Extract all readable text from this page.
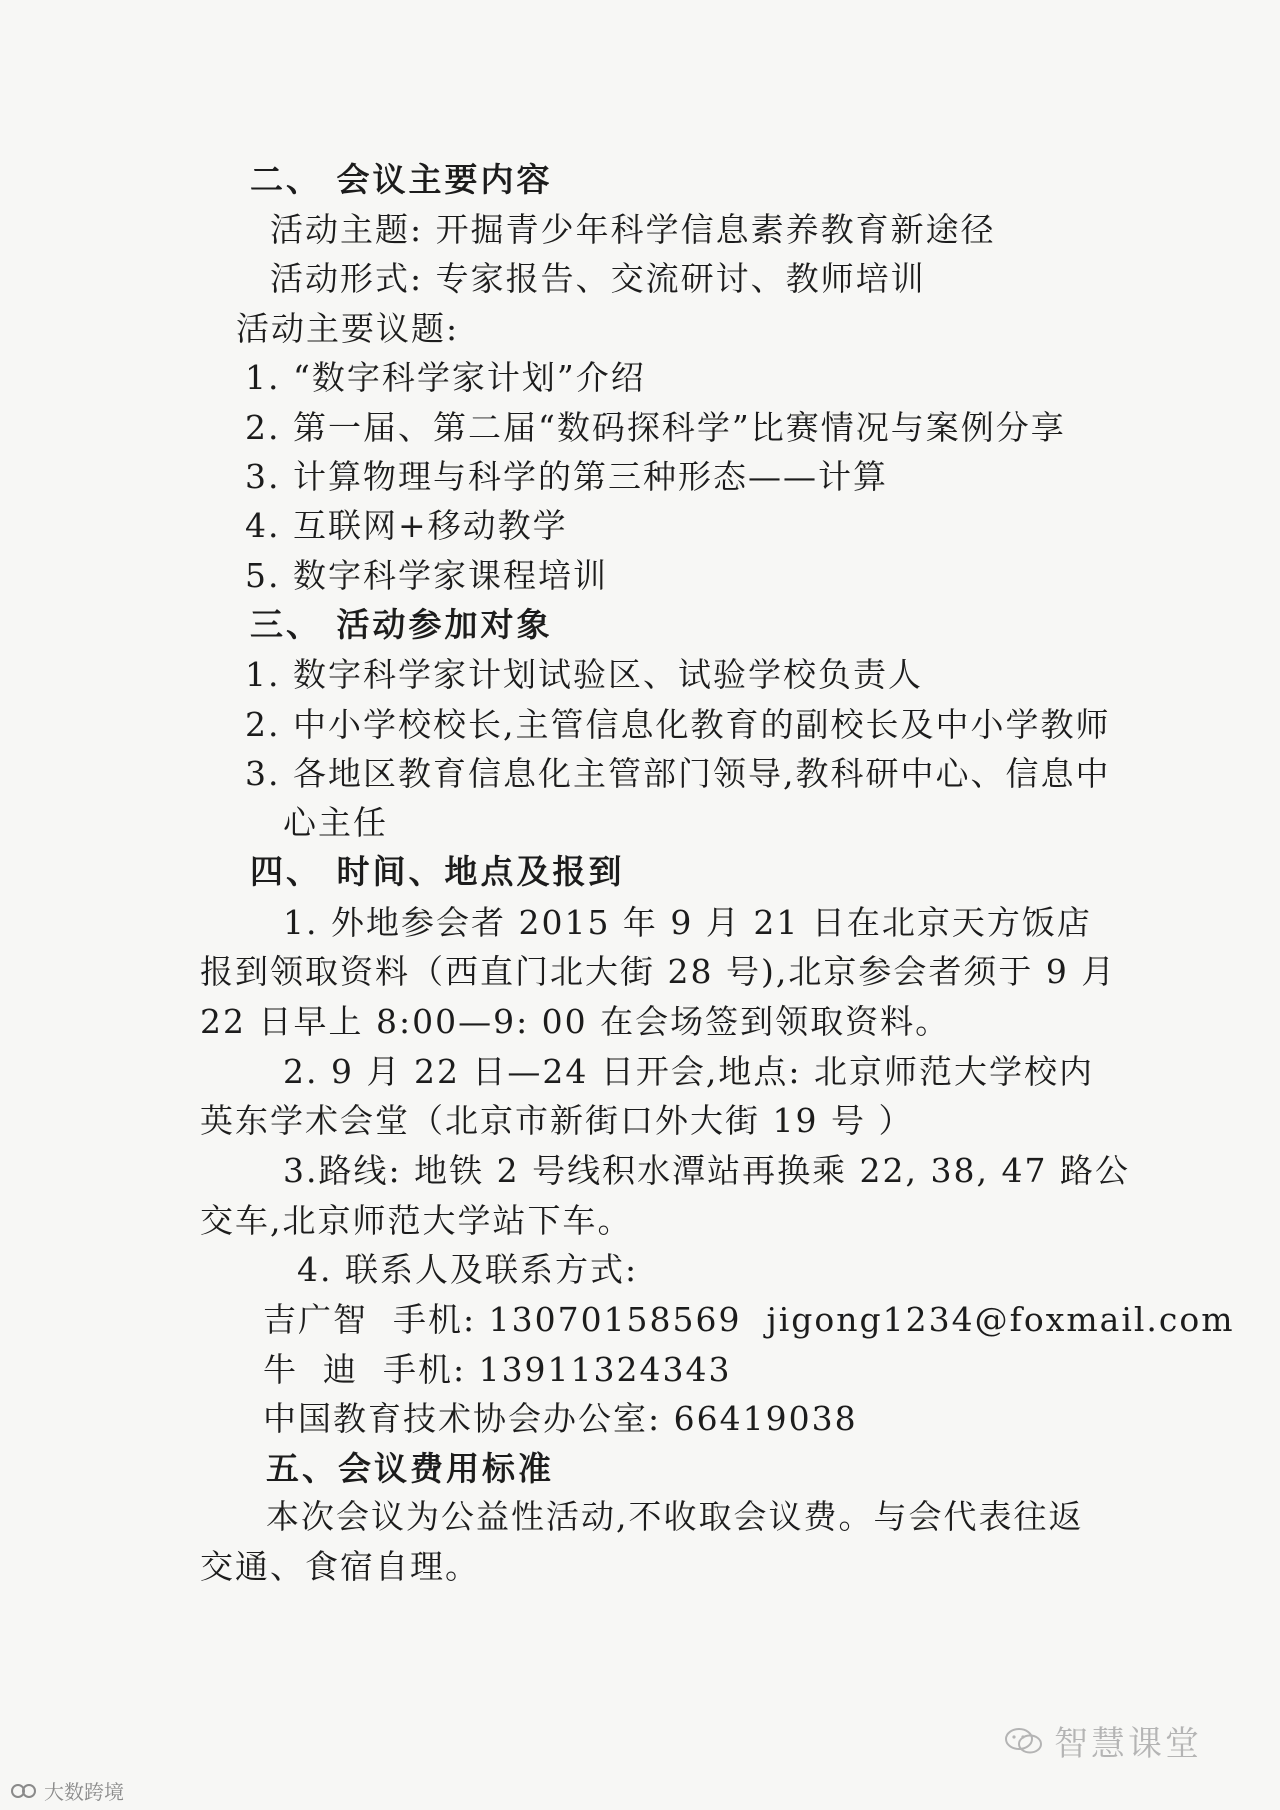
二、 会议主要内容
活动主题: 开掘青少年科学信息素养教育新途径
活动形式: 专家报告、交流研讨、教师培训
活动主要议题:
1. “数字科学家计划”介绍
2. 第一届、第二届“数码探科学”比赛情况与案例分享
3. 计算物理与科学的第三种形态——计算
4. 互联网+移动教学
5. 数字科学家课程培训
三、 活动参加对象
1. 数字科学家计划试验区、试验学校负责人
2. 中小学校校长,主管信息化教育的副校长及中小学教师
3. 各地区教育信息化主管部门领导,教科研中心、信息中
心主任
四、 时间、地点及报到
1. 外地参会者 2015 年 9 月 21 日在北京天方饭店
报到领取资料（西直门北大街 28 号),北京参会者须于 9 月
22 日早上 8:00—9: 00 在会场签到领取资料。
2. 9 月 22 日—24 日开会,地点: 北京师范大学校内
英东学术会堂（北京市新街口外大街 19 号 ）
3.路线: 地铁 2 号线积水潭站再换乘 22, 38, 47 路公
交车,北京师范大学站下车。
4. 联系人及联系方式:
吉广智  手机: 13070158569  jigong1234@foxmail.com
牛  迪  手机: 13911324343
中国教育技术协会办公室: 66419038
五、会议费用标准
本次会议为公益性活动,不收取会议费。与会代表往返
交通、食宿自理。
智慧课堂
大数跨境
